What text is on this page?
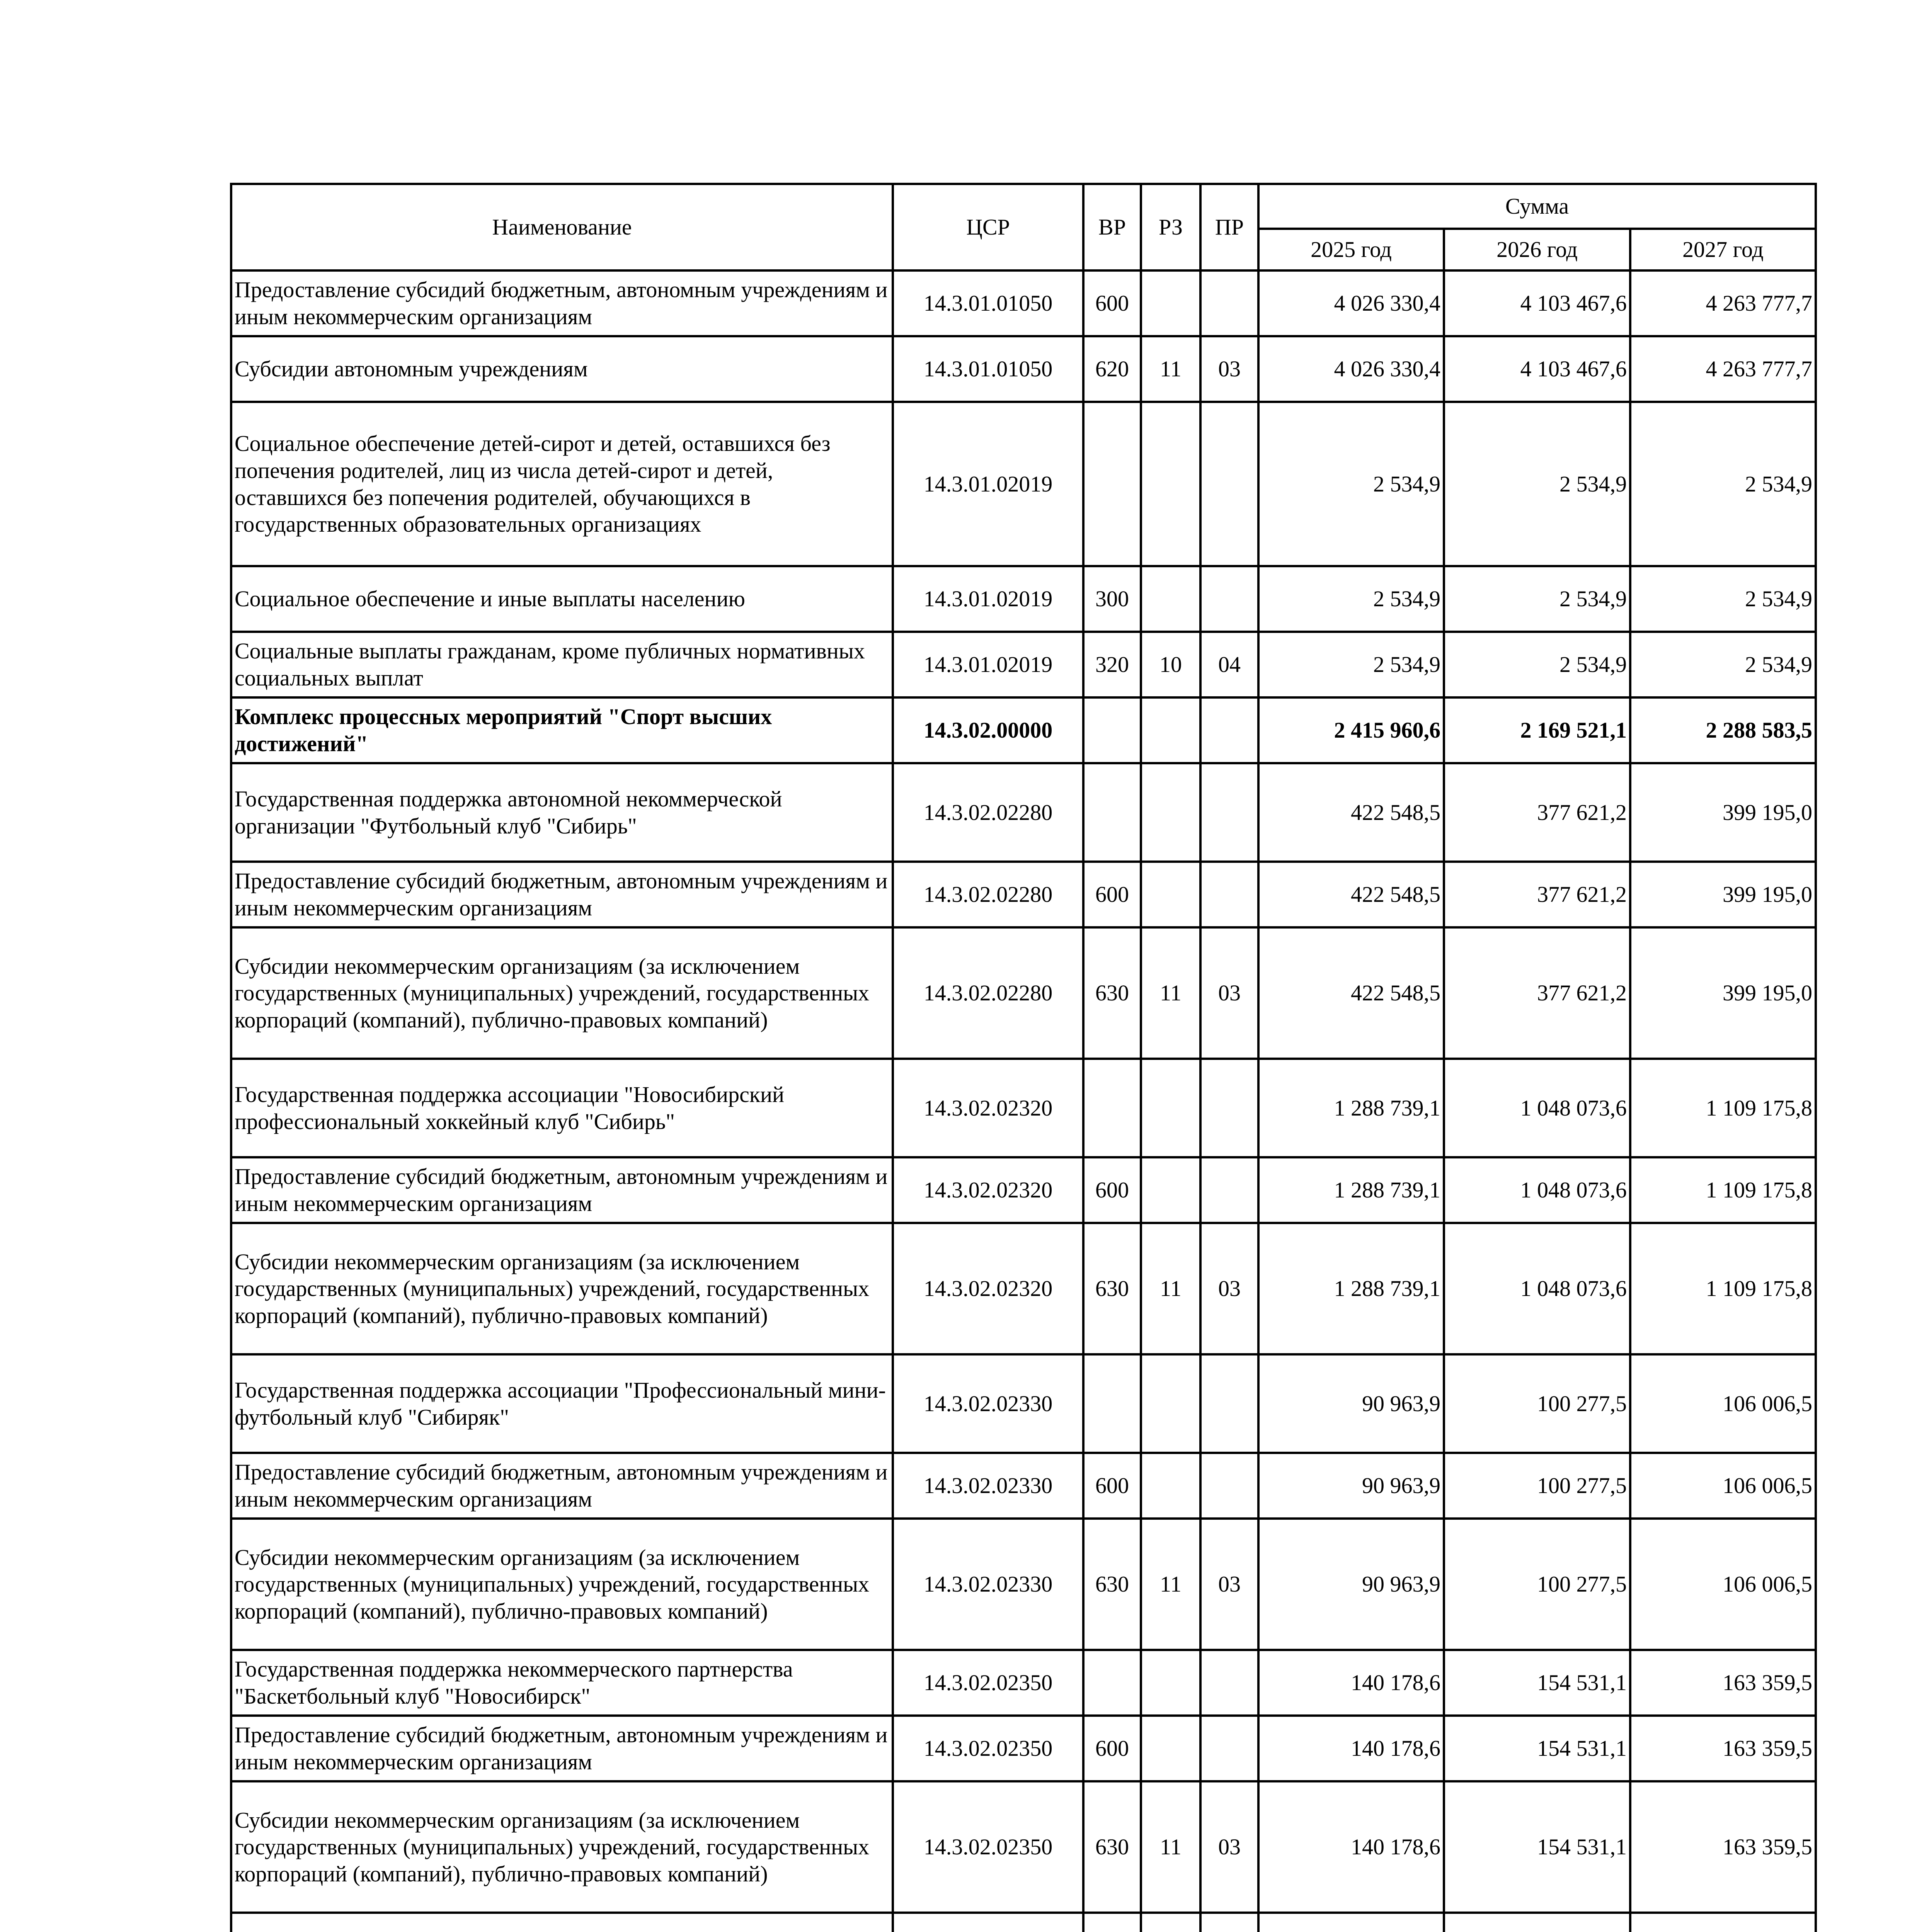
Наименование	ЦСР	ВР	РЗ	ПР	Сумма		
					2025 год	2026 год	2027 год
Предоставление субсидий бюджетным, автономным учреждениям и иным некоммерческим организациям	14.3.01.01050	600			4 026 330,4	4 103 467,6	4 263 777,7
Субсидии автономным учреждениям	14.3.01.01050	620	11	03	4 026 330,4	4 103 467,6	4 263 777,7
Социальное обеспечение детей-сирот и детей, оставшихся без попечения родителей, лиц из числа детей-сирот и детей, оставшихся без попечения родителей, обучающихся в государственных образовательных организациях	14.3.01.02019				2 534,9	2 534,9	2 534,9
Социальное обеспечение и иные выплаты населению	14.3.01.02019	300			2 534,9	2 534,9	2 534,9
Социальные выплаты гражданам, кроме публичных нормативных социальных выплат	14.3.01.02019	320	10	04	2 534,9	2 534,9	2 534,9
Комплекс процессных мероприятий "Спорт высших достижений"	14.3.02.00000				2 415 960,6	2 169 521,1	2 288 583,5
Государственная поддержка автономной некоммерческой организации "Футбольный клуб "Сибирь"	14.3.02.02280				422 548,5	377 621,2	399 195,0
Предоставление субсидий бюджетным, автономным учреждениям и иным некоммерческим организациям	14.3.02.02280	600			422 548,5	377 621,2	399 195,0
Субсидии некоммерческим организациям (за исключением государственных (муниципальных) учреждений, государственных корпораций (компаний), публично-правовых компаний)	14.3.02.02280	630	11	03	422 548,5	377 621,2	399 195,0
Государственная поддержка ассоциации "Новосибирский профессиональный хоккейный клуб "Сибирь"	14.3.02.02320				1 288 739,1	1 048 073,6	1 109 175,8
Предоставление субсидий бюджетным, автономным учреждениям и иным некоммерческим организациям	14.3.02.02320	600			1 288 739,1	1 048 073,6	1 109 175,8
Субсидии некоммерческим организациям (за исключением государственных (муниципальных) учреждений, государственных корпораций (компаний), публично-правовых компаний)	14.3.02.02320	630	11	03	1 288 739,1	1 048 073,6	1 109 175,8
Государственная поддержка ассоциации "Профессиональный мини-футбольный клуб "Сибиряк"	14.3.02.02330				90 963,9	100 277,5	106 006,5
Предоставление субсидий бюджетным, автономным учреждениям и иным некоммерческим организациям	14.3.02.02330	600			90 963,9	100 277,5	106 006,5
Субсидии некоммерческим организациям (за исключением государственных (муниципальных) учреждений, государственных корпораций (компаний), публично-правовых компаний)	14.3.02.02330	630	11	03	90 963,9	100 277,5	106 006,5
Государственная поддержка некоммерческого партнерства "Баскетбольный клуб "Новосибирск"	14.3.02.02350				140 178,6	154 531,1	163 359,5
Предоставление субсидий бюджетным, автономным учреждениям и иным некоммерческим организациям	14.3.02.02350	600			140 178,6	154 531,1	163 359,5
Субсидии некоммерческим организациям (за исключением государственных (муниципальных) учреждений, государственных корпораций (компаний), публично-правовых компаний)	14.3.02.02350	630	11	03	140 178,6	154 531,1	163 359,5
